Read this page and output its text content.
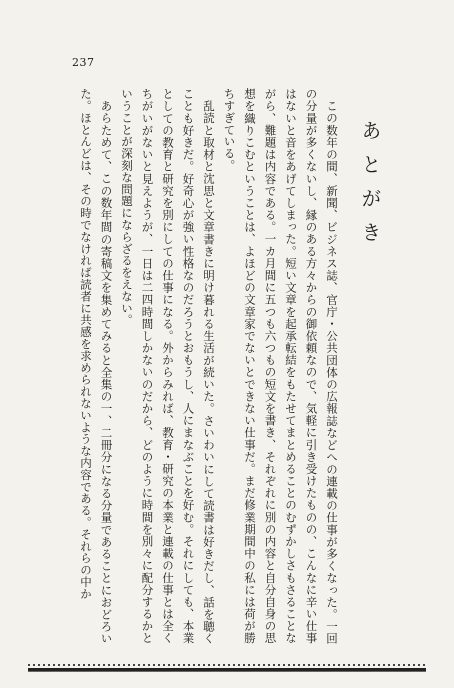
237
あとがき

この数年の間、新聞、ビジネス誌、官庁・公共団体の広報誌などへの連載の仕事が多くなった。一回の分量が多くないし、縁のある方々からの御依頼なので、気軽に引き受けたものの、こんなに辛い仕事はないと音をあげてしまった。短い文章を起承転結をもたせてまとめることのむずかしさもさることながら、難題は内容である。一カ月間に五つも六つもの短文を書き、それぞれに別の内容と自分自身の思想を織りこむということは、よほどの文章家でないとできない仕事だ。まだ修業期間中の私には荷が勝ちすぎている。

乱読と取材と沈思と文章書きに明け暮れる生活が続いた。さいわいにして読書は好きだし、話を聴くことも好きだ。好奇心が強い性格なのだろうとおもうし、人にまなぶことを好む。それにしても、本業としての教育と研究を別にしての仕事になる。外からみれば、教育・研究の本業と連載の仕事とは全くちがいがないと見えようが、一日は二四時間しかないのだから、どのように時間を別々に配分するかということが深刻な問題にならざるをえない。

あらためて、この数年間の寄稿文を集めてみると全集の一、二冊分になる分量であることにおどろいた。ほとんどは、その時でなければ読者に共感を求められないような内容である。それらの中か
